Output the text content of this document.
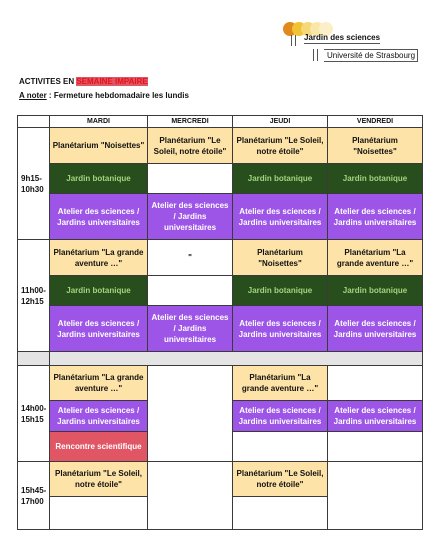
Jardin des sciences
Université de Strasbourg
ACTIVITES EN SEMAINE IMPAIRE
A noter : Fermeture hebdomadaire les lundis
	MARDI	MERCREDI	JEUDI	VENDREDI
9h15-
10h30	Planétarium "Noisettes"	Planétarium "Le Soleil, notre étoile"	Planétarium "Le Soleil, notre étoile"	Planétarium "Noisettes"
	Jardin botanique		Jardin botanique	Jardin botanique
	Atelier des sciences / Jardins universitaires	Atelier des sciences / Jardins universitaires	Atelier des sciences / Jardins universitaires	Atelier des sciences / Jardins universitaires
11h00-
12h15	Planétarium "La grande aventure …"	"	Planétarium "Noisettes"	Planétarium "La grande aventure …"
	Jardin botanique		Jardin botanique	Jardin botanique
	Atelier des sciences / Jardins universitaires	Atelier des sciences / Jardins universitaires	Atelier des sciences / Jardins universitaires	Atelier des sciences / Jardins universitaires

14h00-
15h15	Planétarium "La grande aventure …"		Planétarium "La grande aventure …"	
	Atelier des sciences / Jardins universitaires		Atelier des sciences / Jardins universitaires	Atelier des sciences / Jardins universitaires
	Rencontre scientifique			
15h45-
17h00	Planétarium "Le Soleil, notre étoile"		Planétarium "Le Soleil, notre étoile"	
